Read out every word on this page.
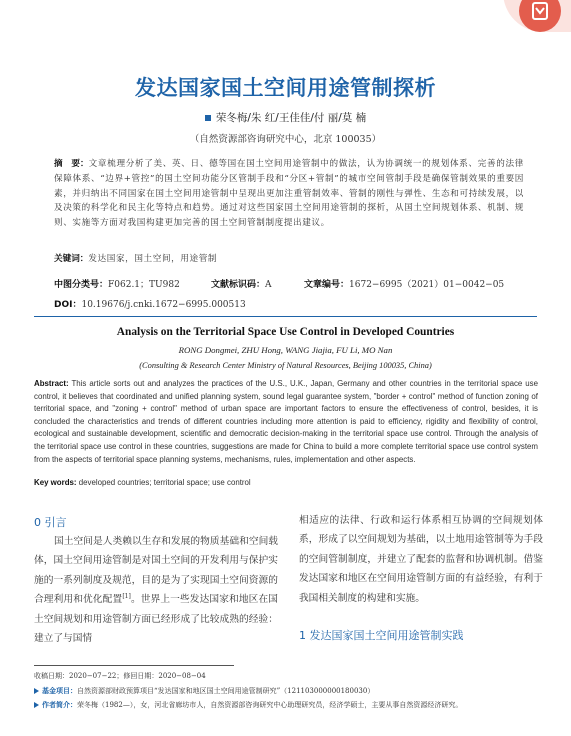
发达国家国土空间用途管制探析
荣冬梅/朱 红/王佳佳/付 丽/莫 楠
（自然资源部咨询研究中心，北京 100035）
摘　要：文章梳理分析了美、英、日、德等国在国土空间用途管制中的做法，认为协调统一的规划体系、完善的法律保障体系、“边界+管控”的国土空间功能分区管制手段和“分区+管制”的城市空间管制手段是确保管制效果的重要因素，并归纳出不同国家在国土空间用途管制中呈现出更加注重管制效率、管制的刚性与弹性、生态和可持续发展，以及决策的科学化和民主化等特点和趋势。通过对这些国家国土空间用途管制的探析，从国土空间规划体系、机制、规则、实施等方面对我国构建更加完善的国土空间管制制度提出建议。
关键词：发达国家，国土空间，用途管制
中图分类号：F062.1；TU982	文献标识码：A	文章编号：1672−6995（2021）01−0042−05
DOI：10.19676/j.cnki.1672−6995.000513
Analysis on the Territorial Space Use Control in Developed Countries
RONG Dongmei, ZHU Hong, WANG Jiajia, FU Li, MO Nan
(Consulting & Research Center Ministry of Natural Resources, Beijing 100035, China)
Abstract: This article sorts out and analyzes the practices of the U.S., U.K., Japan, Germany and other countries in the territorial space use control, it believes that coordinated and unified planning system, sound legal guarantee system, "border + control" method of function zoning of territorial space, and "zoning + control" method of urban space are important factors to ensure the effectiveness of control, besides, it is concluded the characteristics and trends of different countries including more attention is paid to efficiency, rigidity and flexibility of control, ecological and sustainable development, scientific and democratic decision-making in the territorial space use control. Through the analysis of the territorial space use control in these countries, suggestions are made for China to build a more complete territorial space use control system from the aspects of territorial space planning systems, mechanisms, rules, implementation and other aspects.
Key words: developed countries; territorial space; use control
0 引言
国土空间是人类赖以生存和发展的物质基础和空间载体，国土空间用途管制是对国土空间的开发利用与保护实施的一系列制度及规范，目的是为了实现国土空间资源的合理利用和优化配置[1]。世界上一些发达国家和地区在国土空间规划和用途管制方面已经形成了比较成熟的经验：建立了与国情
相适应的法律、行政和运行体系相互协调的空间规划体系，形成了以空间规划为基础，以土地用途管制等为手段的空间管制制度，并建立了配套的监督和协调机制。借鉴发达国家和地区在空间用途管制方面的有益经验，有利于我国相关制度的构建和实施。
1 发达国家国土空间用途管制实践
收稿日期：2020−07−22；修回日期：2020−08−04
基金项目：自然资源部财政预算项目“发达国家和地区国土空间用途管制研究”（121103000000180030）
作者简介：荣冬梅（1982—），女，河北省廊坊市人，自然资源部咨询研究中心助理研究员，经济学硕士，主要从事自然资源经济研究。
